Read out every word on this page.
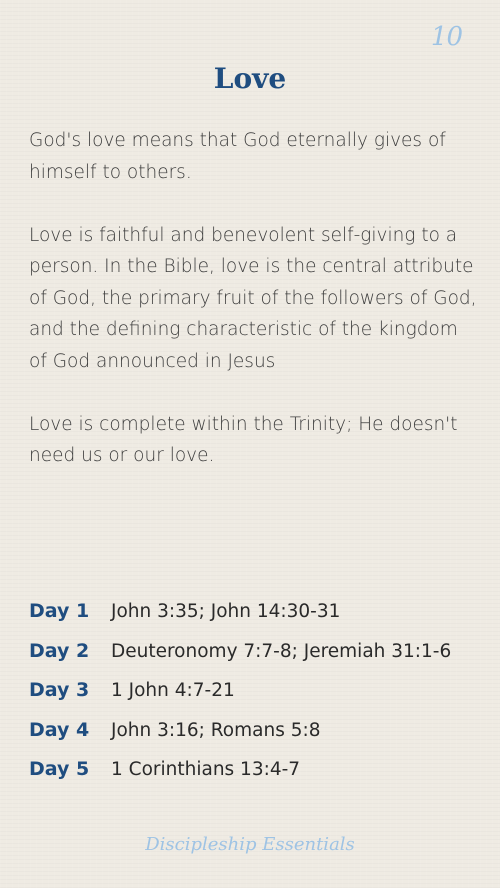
10
Love

God's love means that God eternally gives of himself to others.

Love is faithful and benevolent self-giving to a person. In the Bible, love is the central attribute of God, the primary fruit of the followers of God, and the defining characteristic of the kingdom of God announced in Jesus

Love is complete within the Trinity; He doesn't need us or our love.

Day 1	John 3:35; John 14:30-31
Day 2	Deuteronomy 7:7-8; Jeremiah 31:1-6
Day 3	1 John 4:7-21
Day 4	John 3:16; Romans 5:8
Day 5	1 Corinthians 13:4-7
Discipleship Essentials
